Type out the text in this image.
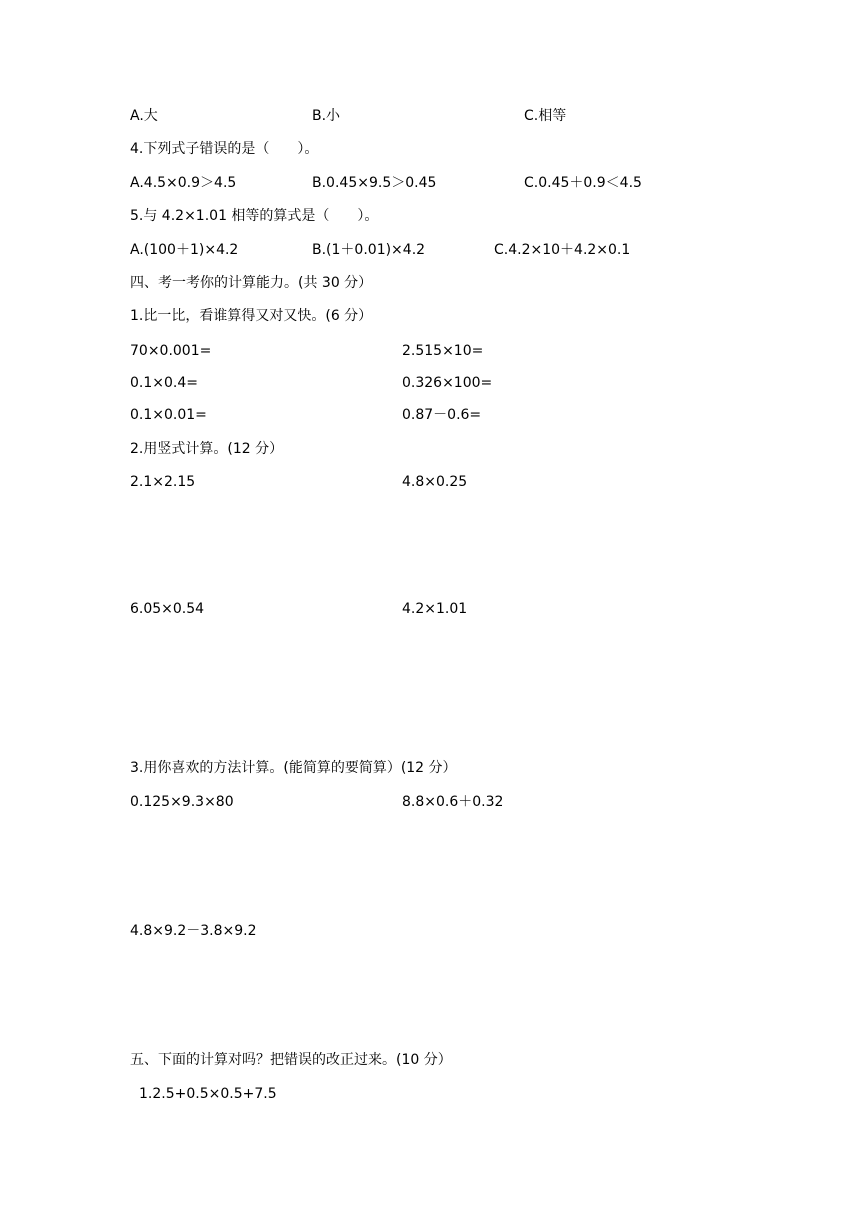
A.大	B.小	C.相等
4.下列式子错误的是（　　）。
A.4.5×0.9＞4.5	B.0.45×9.5＞0.45	C.0.45＋0.9＜4.5
5.与 4.2×1.01 相等的算式是（　　）。
A.(100＋1)×4.2	B.(1＋0.01)×4.2	C.4.2×10＋4.2×0.1
四、考一考你的计算能力。(共 30 分）
1.比一比，看谁算得又对又快。(6 分）
70×0.001=	2.515×10=
0.1×0.4=	0.326×100=
0.1×0.01=	0.87－0.6=
2.用竖式计算。(12 分）
2.1×2.15	4.8×0.25
6.05×0.54	4.2×1.01
3.用你喜欢的方法计算。(能简算的要简算）(12 分）
0.125×9.3×80	8.8×0.6＋0.32
4.8×9.2－3.8×9.2
五、下面的计算对吗？把错误的改正过来。(10 分）
1.2.5+0.5×0.5+7.5
